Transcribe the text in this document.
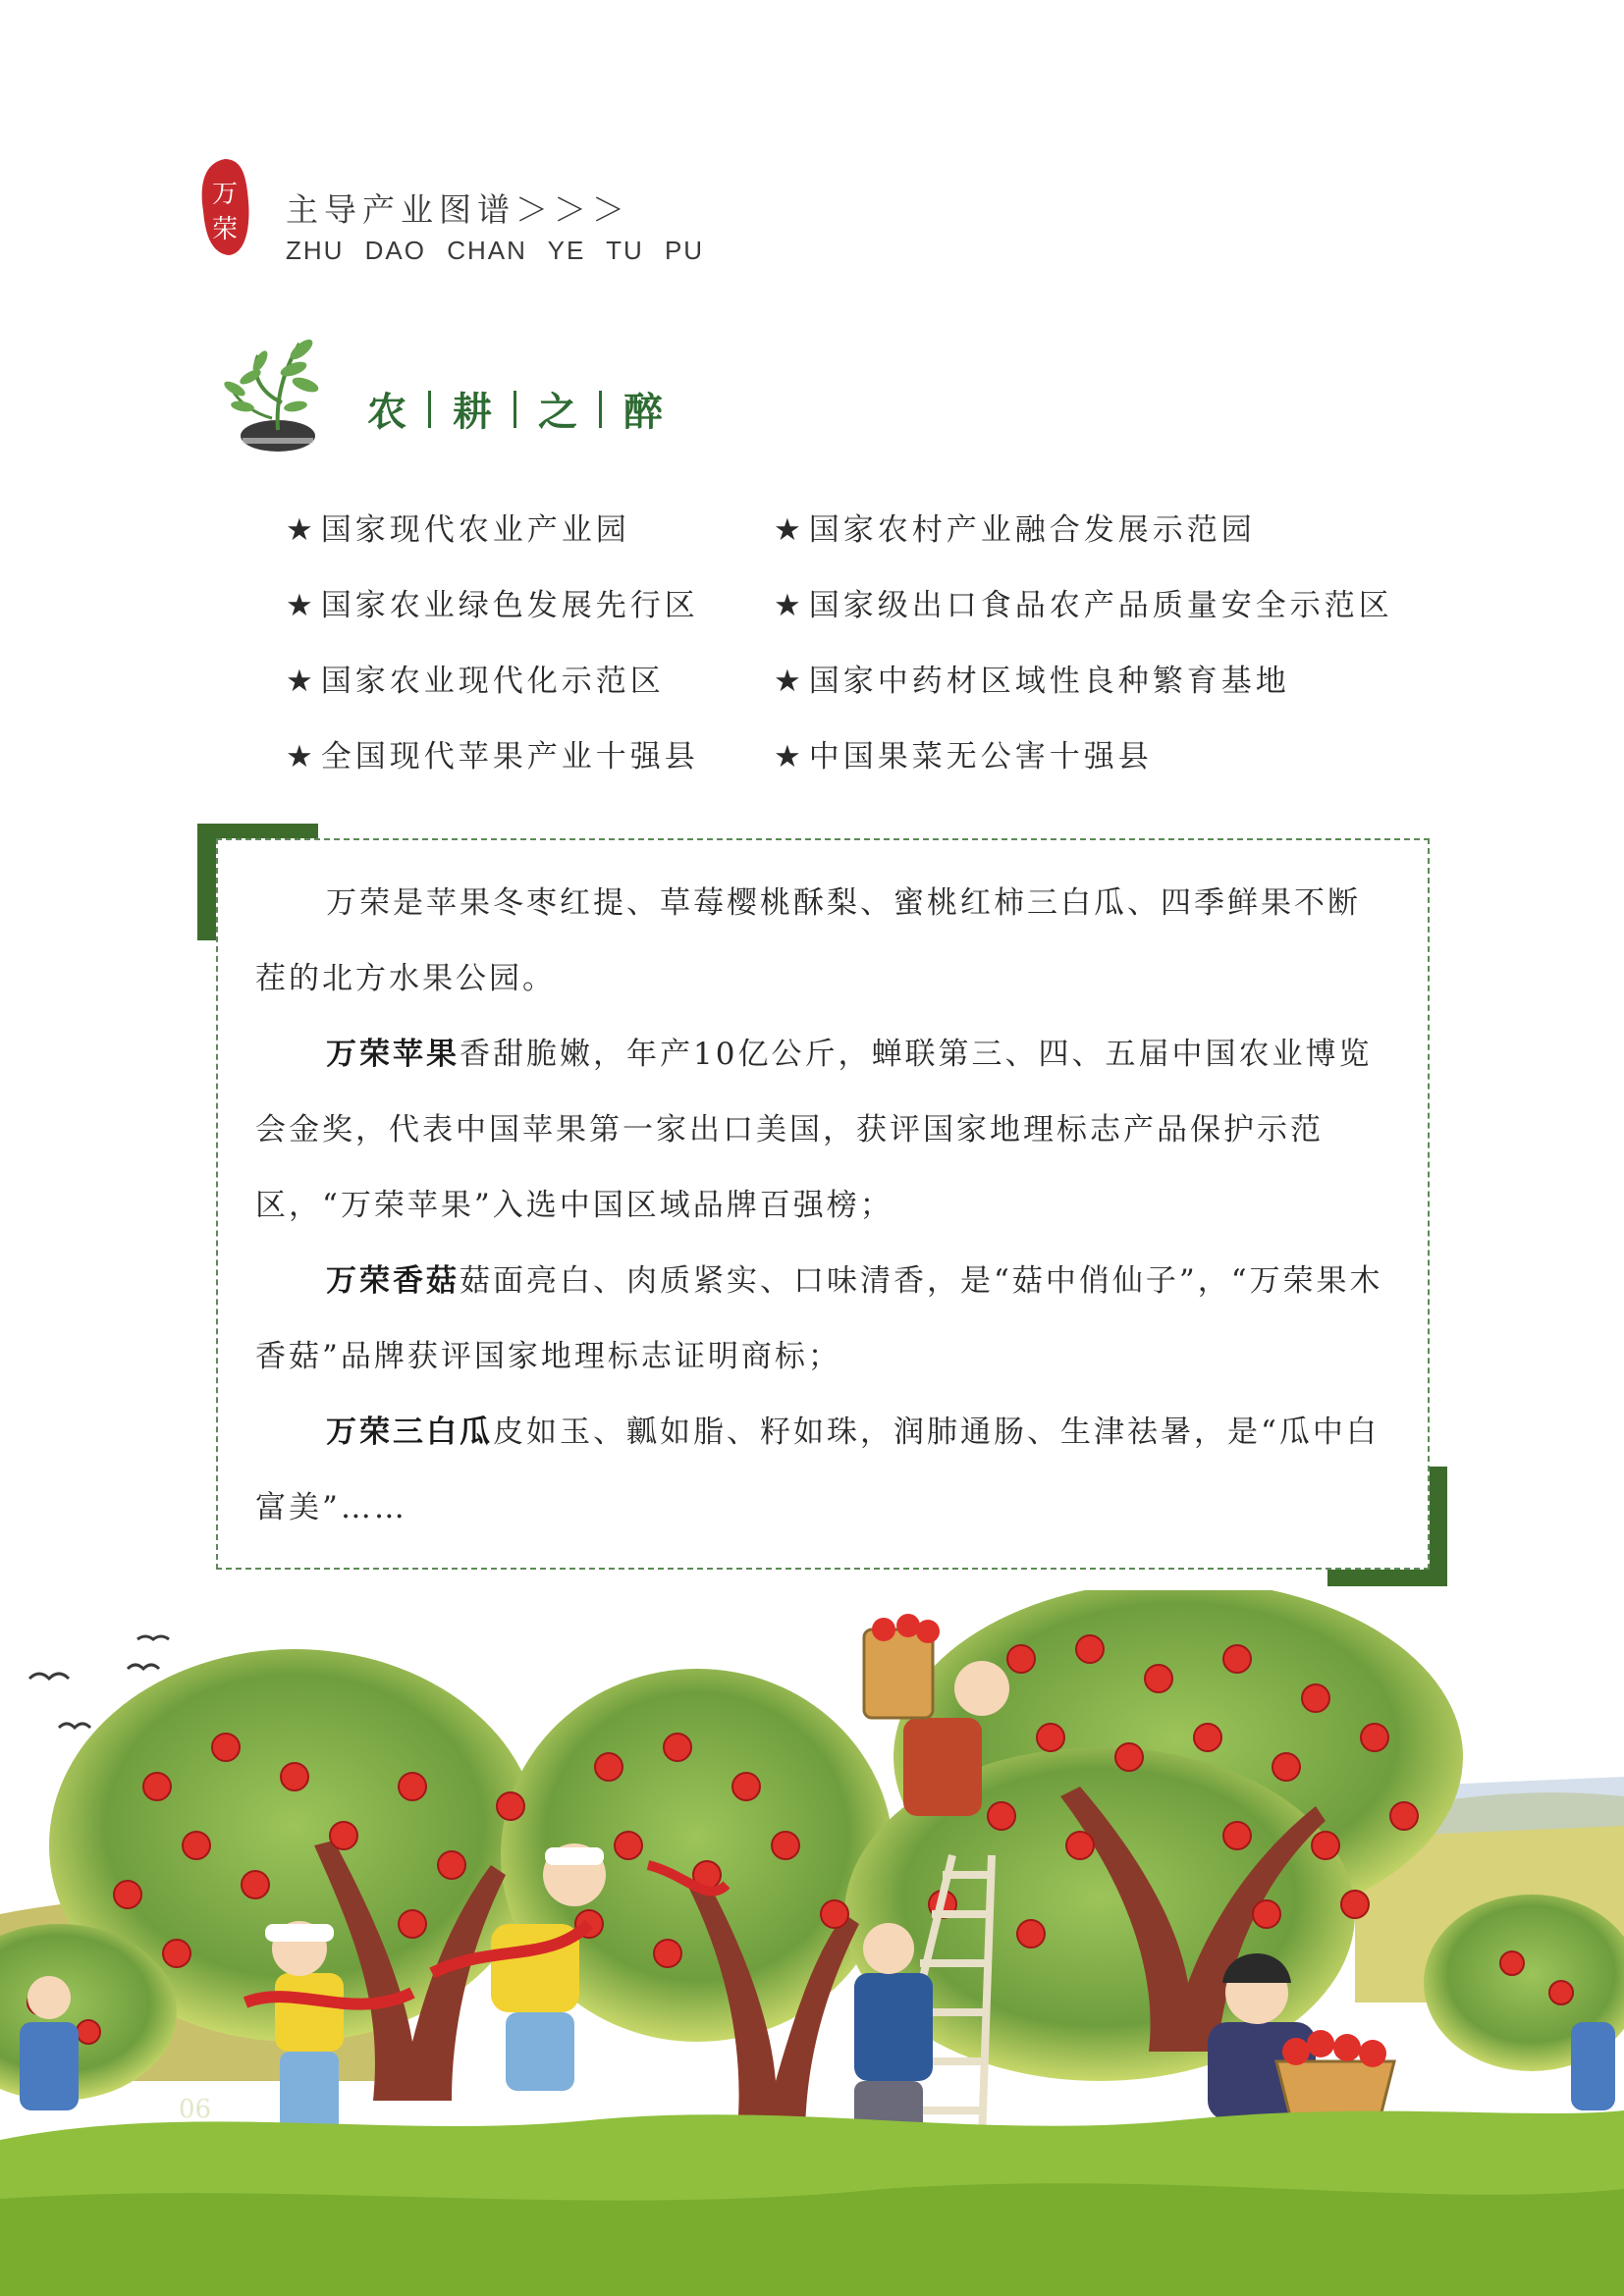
万
荣
主导产业图谱＞＞＞
ZHU DAO CHAN YE TU PU
农 耕 之 醉
★ 国家现代农业产业园
★ 国家农业绿色发展先行区
★ 国家农业现代化示范区
★ 全国现代苹果产业十强县
★ 国家农村产业融合发展示范园
★ 国家级出口食品农产品质量安全示范区
★ 国家中药材区域性良种繁育基地
★ 中国果菜无公害十强县
万荣是苹果冬枣红提、草莓樱桃酥梨、蜜桃红柿三白瓜、四季鲜果不断茬的北方水果公园。
万荣苹果香甜脆嫩，年产10亿公斤，蝉联第三、四、五届中国农业博览会金奖，代表中国苹果第一家出口美国，获评国家地理标志产品保护示范区，“万荣苹果”入选中国区域品牌百强榜；
万荣香菇菇面亮白、肉质紧实、口味清香，是“菇中俏仙子”，“万荣果木香菇”品牌获评国家地理标志证明商标；
万荣三白瓜皮如玉、瓤如脂、籽如珠，润肺通肠、生津祛暑，是“瓜中白富美”……
06
